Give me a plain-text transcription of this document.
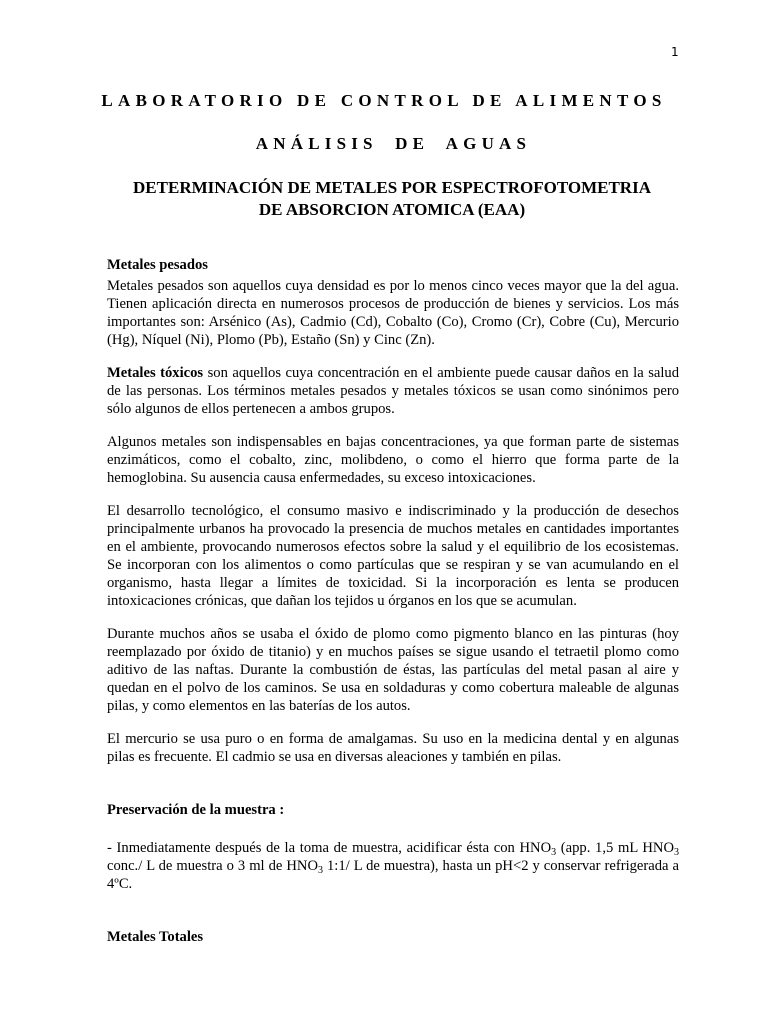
1
LABORATORIO DE CONTROL DE ALIMENTOS
ANÁLISIS DE AGUAS
DETERMINACIÓN DE METALES POR ESPECTROFOTOMETRIA
DE ABSORCION ATOMICA (EAA)
Metales pesados

Metales pesados son aquellos cuya densidad es por lo menos cinco veces mayor que la del agua. Tienen aplicación directa en numerosos procesos de producción de bienes y servicios. Los más importantes son: Arsénico (As), Cadmio (Cd), Cobalto (Co), Cromo (Cr), Cobre (Cu), Mercurio (Hg), Níquel (Ni), Plomo (Pb), Estaño (Sn) y Cinc (Zn).

Metales tóxicos son aquellos cuya concentración en el ambiente puede causar daños en la salud de las personas. Los términos metales pesados y metales tóxicos se usan como sinónimos pero sólo algunos de ellos pertenecen a ambos grupos.

Algunos metales son indispensables en bajas concentraciones, ya que forman parte de sistemas enzimáticos, como el cobalto, zinc, molibdeno, o como el hierro que forma parte de la hemoglobina. Su ausencia causa enfermedades, su exceso intoxicaciones.

El desarrollo tecnológico, el consumo masivo e indiscriminado y la producción de desechos principalmente urbanos ha provocado la presencia de muchos metales en cantidades importantes en el ambiente, provocando numerosos efectos sobre la salud y el equilibrio de los ecosistemas. Se incorporan con los alimentos o como partículas que se respiran y se van acumulando en el organismo, hasta llegar a límites de toxicidad. Si la incorporación es lenta se producen intoxicaciones crónicas, que dañan los tejidos u órganos en los que se acumulan.

Durante muchos años se usaba el óxido de plomo como pigmento blanco en las pinturas (hoy reemplazado por óxido de titanio) y en muchos países se sigue usando el tetraetil plomo como aditivo de las naftas. Durante la combustión de éstas, las partículas del metal pasan al aire y quedan en el polvo de los caminos. Se usa en soldaduras y como cobertura maleable de algunas pilas, y como elementos en las baterías de los autos.

El mercurio se usa puro o en forma de amalgamas. Su uso en la medicina dental y en algunas pilas es frecuente. El cadmio se usa en diversas aleaciones y también en pilas.

Preservación de la muestra :

- Inmediatamente después de la toma de muestra, acidificar ésta con $HNO_3$ (app. 1,5 mL $HNO_3$ conc./ L de muestra o 3 ml de $HNO_3$ 1:1/ L de muestra), hasta un pH<2 y conservar refrigerada a 4ºC.

Metales Totales
